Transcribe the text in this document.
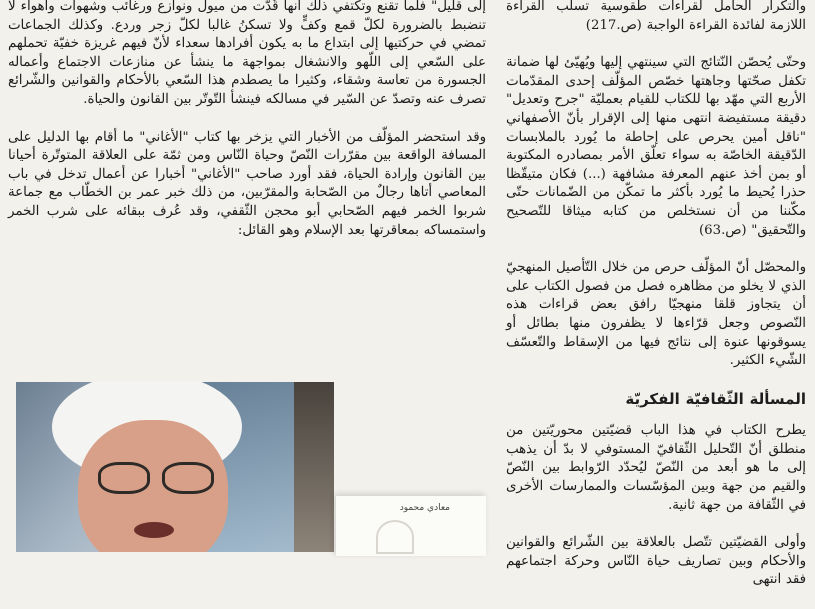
إلى قليل" فلما تقنع وتكتفي ذلك أنها قُدّت من ميول ونوازع ورغائب وشهوات وأهواء لا تنضبط بالضرورة لكلّ قمع وكفٍّ ولا تسكنُ غالبا لكلّ زجر وردع. وكذلك الجماعات تمضي في حركتيها إلى ابتداع ما به يكون أفرادها سعداء لأنّ فيهم غريزة خفيّة تحملهم على السّعي إلى اللّهو والانشغال بمواجهة ما ينشأ عن منازعات الاجتماع وأعماله الجسورة من تعاسة وشقاء، وكثيرا ما يصطدم هذا السّعي بالأحكام والقوانين والشّرائع تصرف عنه وتصدّ عن السّير في مسالكه فينشأ التّوتّر بين القانون والحياة.

وقد استحضر المؤلّف من الأخبار التي يزخر بها كتاب "الأغاني" ما أقام بها الدليل على المسافة الواقعة بين مقرّرات النّصّ وحياة النّاس ومن ثمّة على العلاقة المتوتّرة أحيانا بين القانون وإرادة الحياة، فقد أورد صاحب "الأغاني" أخبارا عن أعمال تدخل في باب المعاصي أتاها رجالٌ من الصّحابة والمقرّبين، من ذلك خبر عمر بن الخطّاب مع جماعة شربوا الخمر فيهم الصّحابي أبو محجن الثّقفي، وقد عُرف ببقائه على شرب الخمر واستمساكه بمعاقرتها بعد الإسلام وهو القائل:

والتكرار الحامل لقراءات طقوسية تسلب القراءة اللازمة لفائدة القراءة الواجبة (ص.217)

وحتّى يُحصّن النّتائج التي سينتهي إليها ويُهيّئ لها ضمانة تكفل صحّتها وجاهتها خصّص المؤلّف إحدى المقدّمات الأربع التي مهّد بها للكتاب للقيام بعمليّة "جرح وتعديل" دقيقة مستفيضة انتهى منها إلى الإقرار بأنّ الأصفهاني "ناقل أمين يحرص على إحاطة ما يُورد بالملابسات الدّقيقة الخاصّة به سواء تعلّق الأمر بمصادره المكتوبة أو بمن أخذ عنهم المعرفة مشافهة (...) فكان متيقّظا حذرا يُحيط ما يُورد بأكثر ما تمكّن من الضّمانات حتّى مكّننا من أن نستخلص من كتابه ميثاقا للتّصحيح والتّحقيق" (ص.63)

والمحصّل أنّ المؤلّف حرص من خلال التّأصيل المنهجيّ الذي لا يخلو من مظاهره فصل من فصول الكتاب على أن يتجاوز قلقا منهجيّا رافق بعض قراءات هذه النّصوص وجعل قرّاءها لا يظفرون منها بطائل أو يسوقونها عنوة إلى نتائج فيها من الإسقاط والتّعسّف الشّيء الكثير.

المسألة الثّقافيّة الفكريّة

يطرح الكتاب في هذا الباب قضيّتين محوريّتين من منطلق أنّ التّحليل الثّقافيّ المستوفي لا بدّ أن يذهب إلى ما هو أبعد من النّصّ ليُحدّد الرّوابط بين النّصّ والقيم من جهة وبين المؤسّسات والممارسات الأخرى في الثّقافة من جهة ثانية.

وأولى القضيّتين تتّصل بالعلاقة بين الشّرائع والقوانين والأحكام وبين تصاريف حياة النّاس وحركة اجتماعهم فقد انتهى

معادي محمود
